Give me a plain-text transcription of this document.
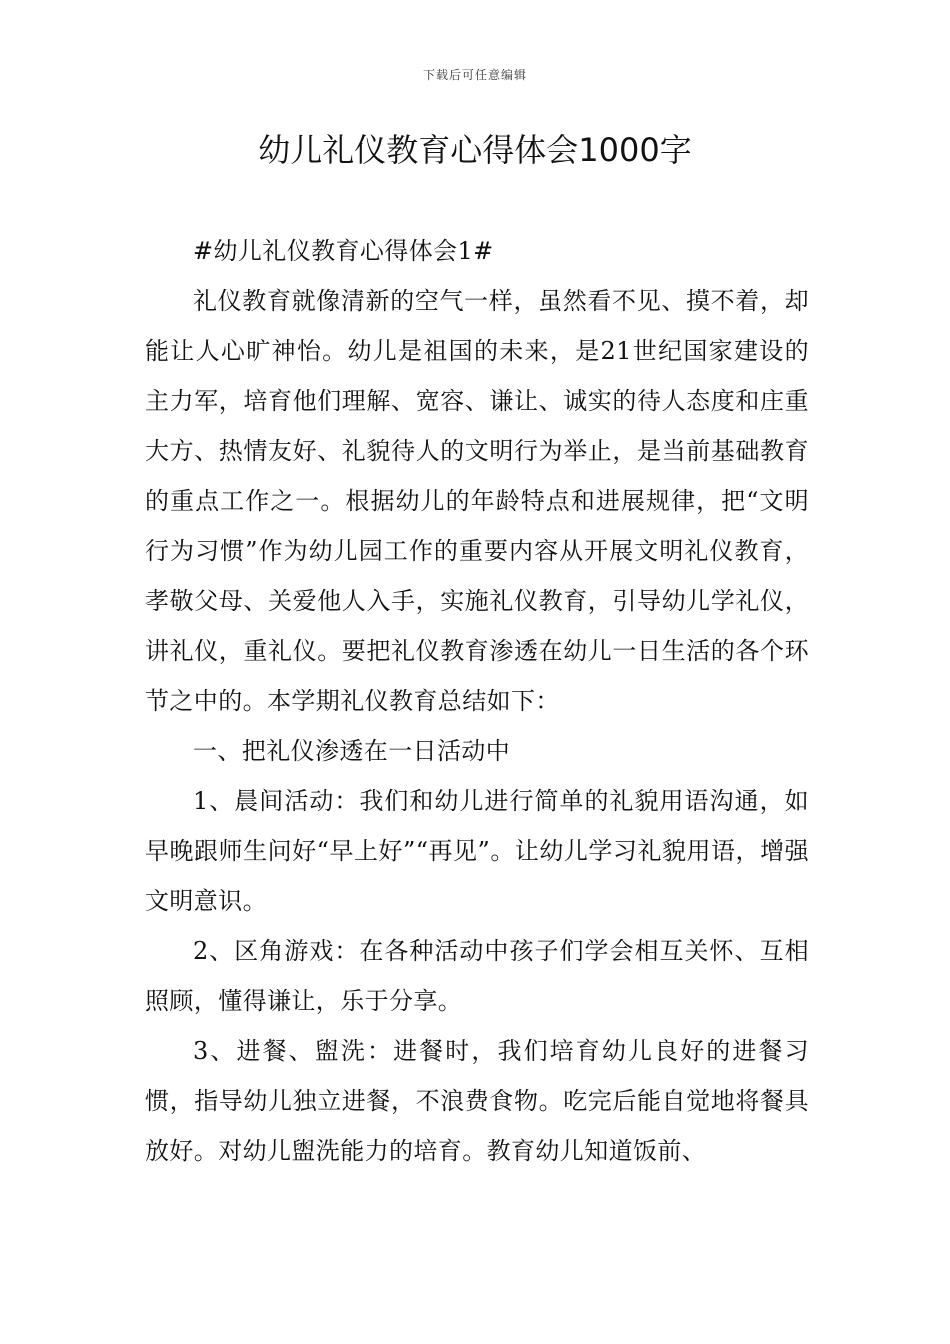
下载后可任意编辑
幼儿礼仪教育心得体会1000字

#幼儿礼仪教育心得体会1#

礼仪教育就像清新的空气一样，虽然看不见、摸不着，却能让人心旷神怡。幼儿是祖国的未来，是21世纪国家建设的主力军，培育他们理解、宽容、谦让、诚实的待人态度和庄重大方、热情友好、礼貌待人的文明行为举止，是当前基础教育的重点工作之一。根据幼儿的年龄特点和进展规律，把“文明行为习惯”作为幼儿园工作的重要内容从开展文明礼仪教育，孝敬父母、关爱他人入手，实施礼仪教育，引导幼儿学礼仪，讲礼仪，重礼仪。要把礼仪教育渗透在幼儿一日生活的各个环节之中的。本学期礼仪教育总结如下：

一、把礼仪渗透在一日活动中

1、晨间活动：我们和幼儿进行简单的礼貌用语沟通，如早晚跟师生问好“早上好”“再见”。让幼儿学习礼貌用语，增强文明意识。

2、区角游戏：在各种活动中孩子们学会相互关怀、互相照顾，懂得谦让，乐于分享。

3、进餐、盥洗：进餐时，我们培育幼儿良好的进餐习惯，指导幼儿独立进餐，不浪费食物。吃完后能自觉地将餐具放好。对幼儿盥洗能力的培育。教育幼儿知道饭前、
